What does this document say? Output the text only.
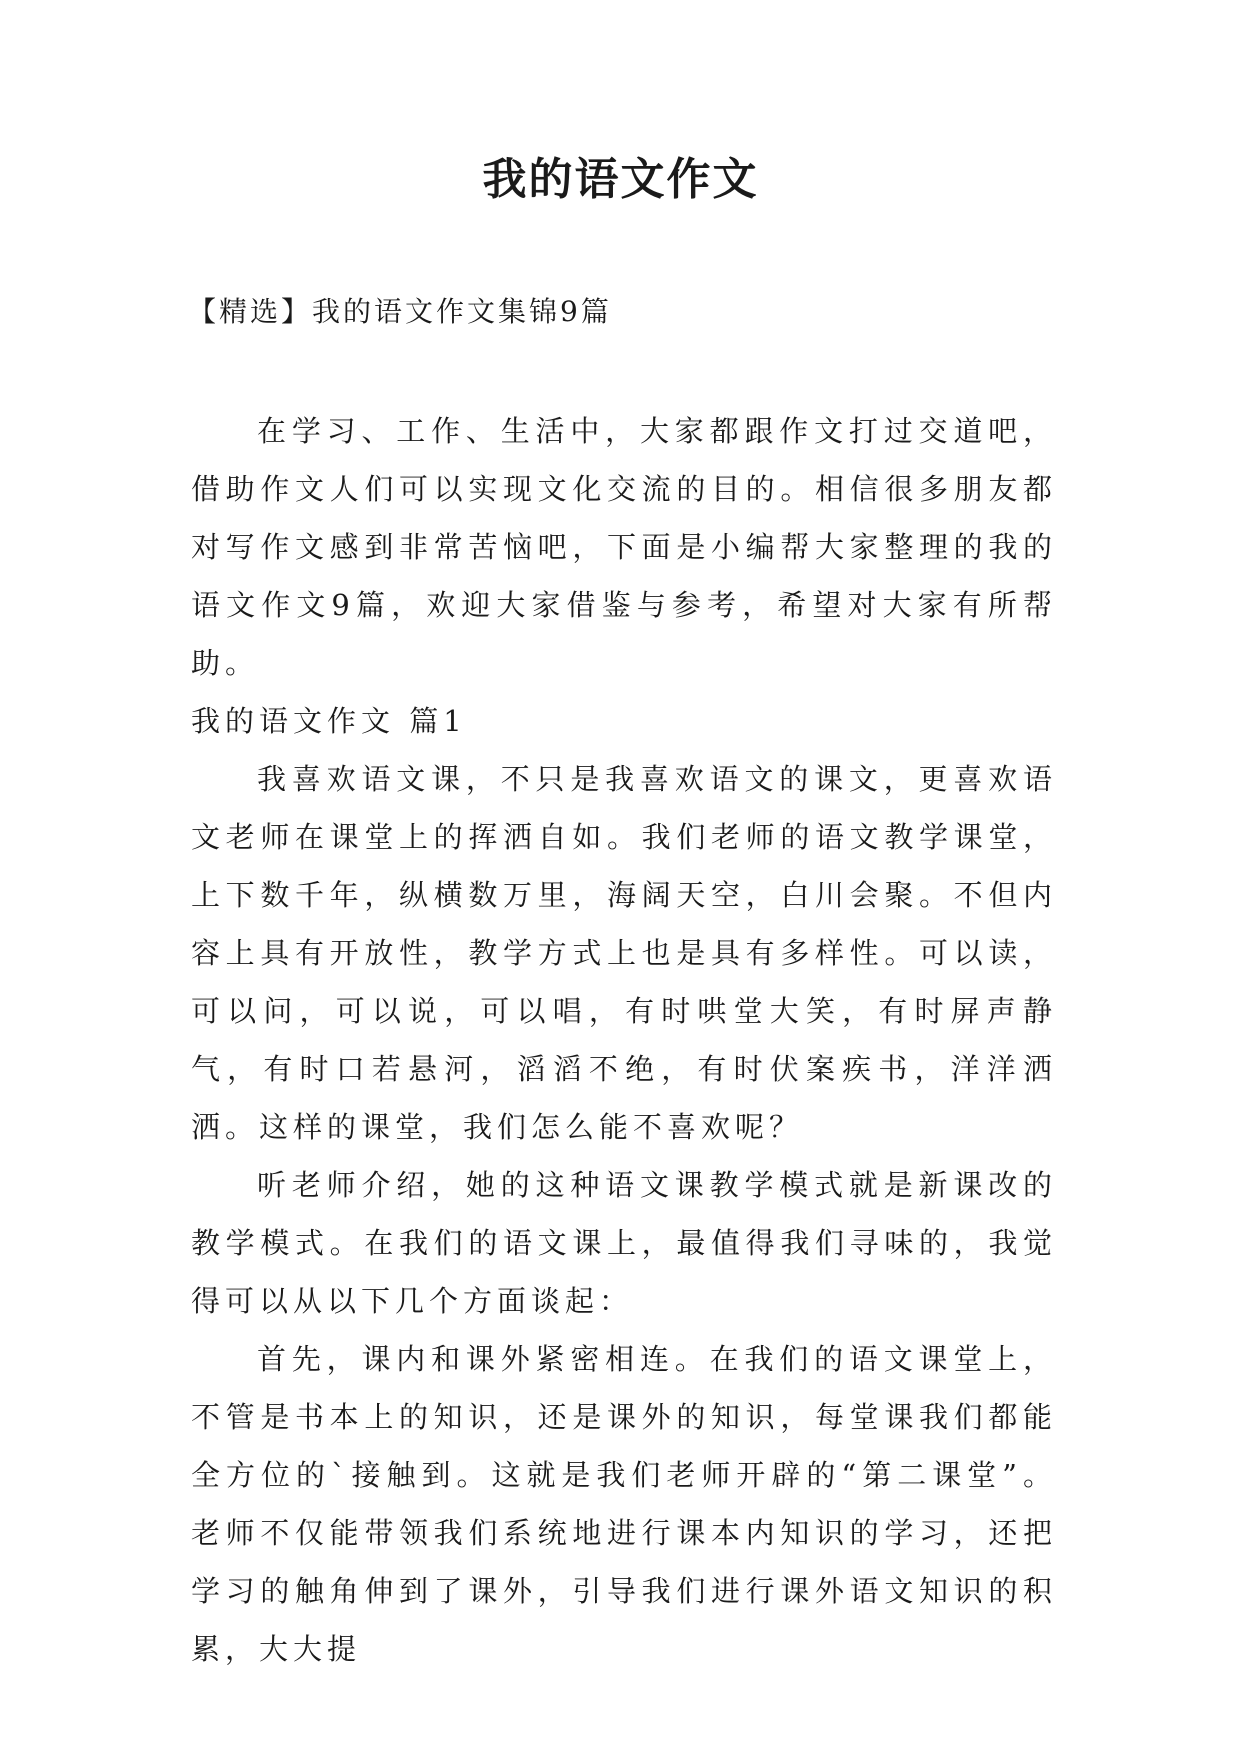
我的语文作文
【精选】我的语文作文集锦9篇

在学习、工作、生活中，大家都跟作文打过交道吧，借助作文人们可以实现文化交流的目的。相信很多朋友都对写作文感到非常苦恼吧，下面是小编帮大家整理的我的语文作文9篇，欢迎大家借鉴与参考，希望对大家有所帮助。

我的语文作文 篇1

我喜欢语文课，不只是我喜欢语文的课文，更喜欢语文老师在课堂上的挥洒自如。我们老师的语文教学课堂，上下数千年，纵横数万里，海阔天空，白川会聚。不但内容上具有开放性，教学方式上也是具有多样性。可以读，可以问，可以说，可以唱，有时哄堂大笑，有时屏声静气，有时口若悬河，滔滔不绝，有时伏案疾书，洋洋洒洒。这样的课堂，我们怎么能不喜欢呢？

听老师介绍，她的这种语文课教学模式就是新课改的教学模式。在我们的语文课上，最值得我们寻味的，我觉得可以从以下几个方面谈起：

首先，课内和课外紧密相连。在我们的语文课堂上，不管是书本上的知识，还是课外的知识，每堂课我们都能全方位的`接触到。这就是我们老师开辟的“第二课堂”。老师不仅能带领我们系统地进行课本内知识的学习，还把学习的触角伸到了课外，引导我们进行课外语文知识的积累，大大提
